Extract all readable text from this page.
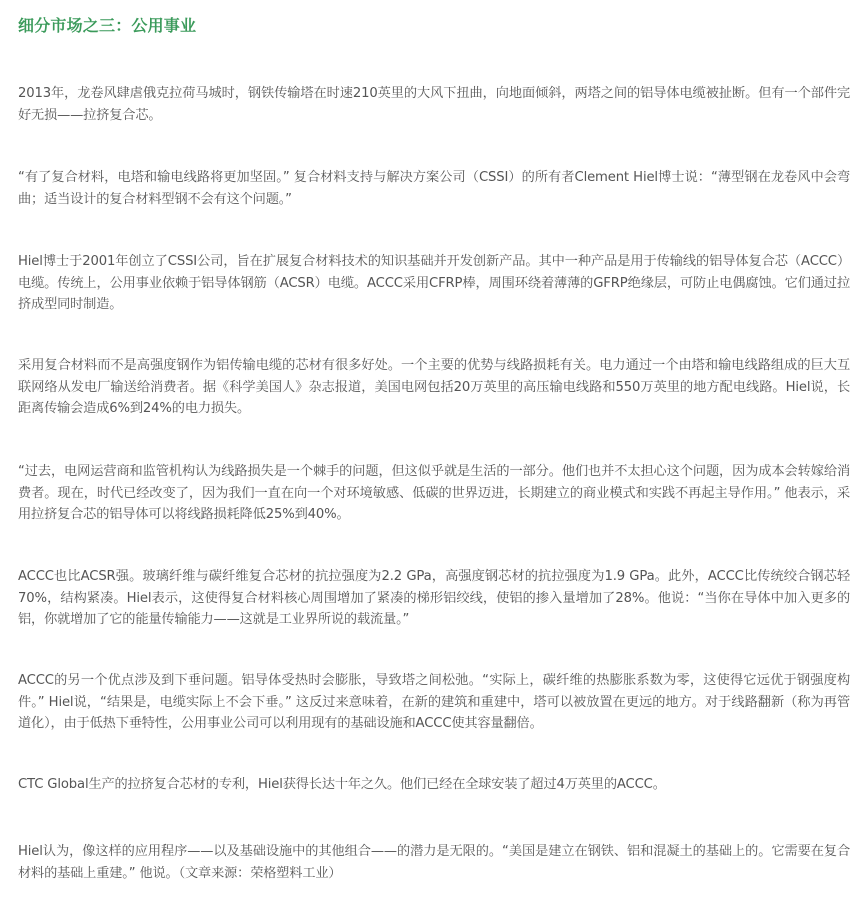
细分市场之三：公用事业

2013年，龙卷风肆虐俄克拉荷马城时，钢铁传输塔在时速210英里的大风下扭曲，向地面倾斜，两塔之间的铝导体电缆被扯断。但有一个部件完好无损——拉挤复合芯。

“有了复合材料，电塔和输电线路将更加坚固。” 复合材料支持与解决方案公司（CSSI）的所有者Clement Hiel博士说：“薄型钢在龙卷风中会弯曲；适当设计的复合材料型钢不会有这个问题。”

Hiel博士于2001年创立了CSSI公司，旨在扩展复合材料技术的知识基础并开发创新产品。其中一种产品是用于传输线的铝导体复合芯（ACCC）电缆。传统上，公用事业依赖于铝导体钢筋（ACSR）电缆。ACCC采用CFRP棒，周围环绕着薄薄的GFRP绝缘层，可防止电偶腐蚀。它们通过拉挤成型同时制造。

采用复合材料而不是高强度钢作为铝传输电缆的芯材有很多好处。一个主要的优势与线路损耗有关。电力通过一个由塔和输电线路组成的巨大互联网络从发电厂输送给消费者。据《科学美国人》杂志报道，美国电网包括20万英里的高压输电线路和550万英里的地方配电线路。Hiel说，长距离传输会造成6%到24%的电力损失。

“过去，电网运营商和监管机构认为线路损失是一个棘手的问题，但这似乎就是生活的一部分。他们也并不太担心这个问题，因为成本会转嫁给消费者。现在，时代已经改变了，因为我们一直在向一个对环境敏感、低碳的世界迈进，长期建立的商业模式和实践不再起主导作用。” 他表示，采用拉挤复合芯的铝导体可以将线路损耗降低25%到40%。

ACCC也比ACSR强。玻璃纤维与碳纤维复合芯材的抗拉强度为2.2 GPa，高强度钢芯材的抗拉强度为1.9 GPa。此外，ACCC比传统绞合钢芯轻70%，结构紧凑。Hiel表示，这使得复合材料核心周围增加了紧凑的梯形铝绞线，使铝的掺入量增加了28%。他说：“当你在导体中加入更多的铝，你就增加了它的能量传输能力——这就是工业界所说的载流量。”

ACCC的另一个优点涉及到下垂问题。铝导体受热时会膨胀，导致塔之间松弛。“实际上，碳纤维的热膨胀系数为零，这使得它远优于钢强度构件。” Hiel说，“结果是，电缆实际上不会下垂。” 这反过来意味着，在新的建筑和重建中，塔可以被放置在更远的地方。对于线路翻新（称为再管道化），由于低热下垂特性，公用事业公司可以利用现有的基础设施和ACCC使其容量翻倍。

CTC Global生产的拉挤复合芯材的专利，Hiel获得长达十年之久。他们已经在全球安装了超过4万英里的ACCC。

Hiel认为，像这样的应用程序——以及基础设施中的其他组合——的潜力是无限的。“美国是建立在钢铁、铝和混凝土的基础上的。它需要在复合材料的基础上重建。” 他说。（文章来源：荣格塑料工业）
